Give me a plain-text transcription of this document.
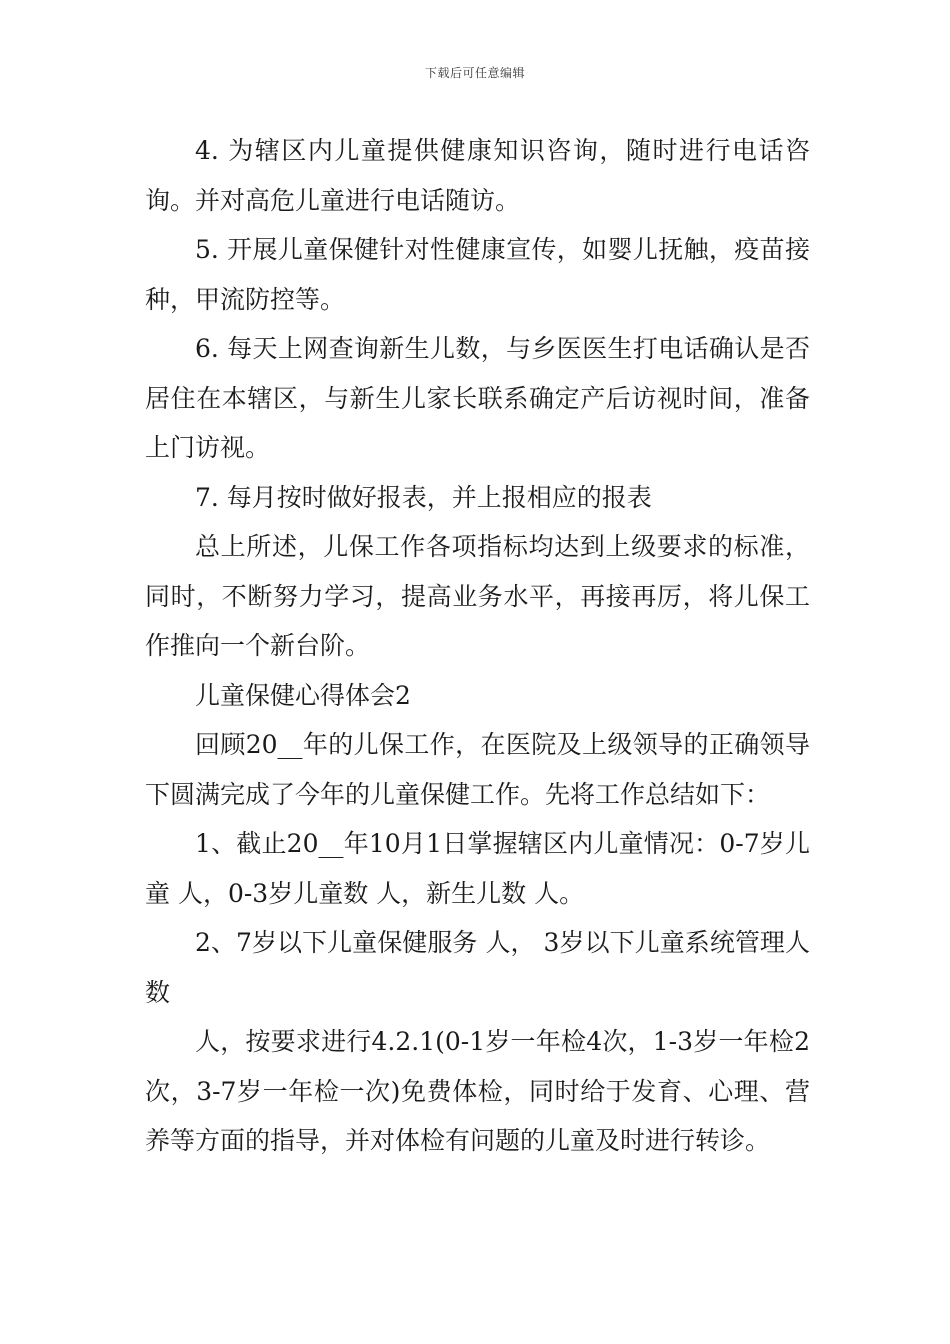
下载后可任意编辑

4. 为辖区内儿童提供健康知识咨询，随时进行电话咨询。并对高危儿童进行电话随访。

5. 开展儿童保健针对性健康宣传，如婴儿抚触，疫苗接种，甲流防控等。

6. 每天上网查询新生儿数，与乡医医生打电话确认是否居住在本辖区，与新生儿家长联系确定产后访视时间，准备上门访视。

7. 每月按时做好报表，并上报相应的报表

总上所述，儿保工作各项指标均达到上级要求的标准，同时，不断努力学习，提高业务水平，再接再厉，将儿保工作推向一个新台阶。

儿童保健心得体会2

回顾20__年的儿保工作，在医院及上级领导的正确领导下圆满完成了今年的儿童保健工作。先将工作总结如下：

1、截止20__年10月1日掌握辖区内儿童情况：0-7岁儿童 人，0-3岁儿童数 人，新生儿数 人。

2、7岁以下儿童保健服务 人， 3岁以下儿童系统管理人数

人，按要求进行4.2.1(0-1岁一年检4次，1-3岁一年检2次，3-7岁一年检一次)免费体检，同时给于发育、心理、营养等方面的指导，并对体检有问题的儿童及时进行转诊。
